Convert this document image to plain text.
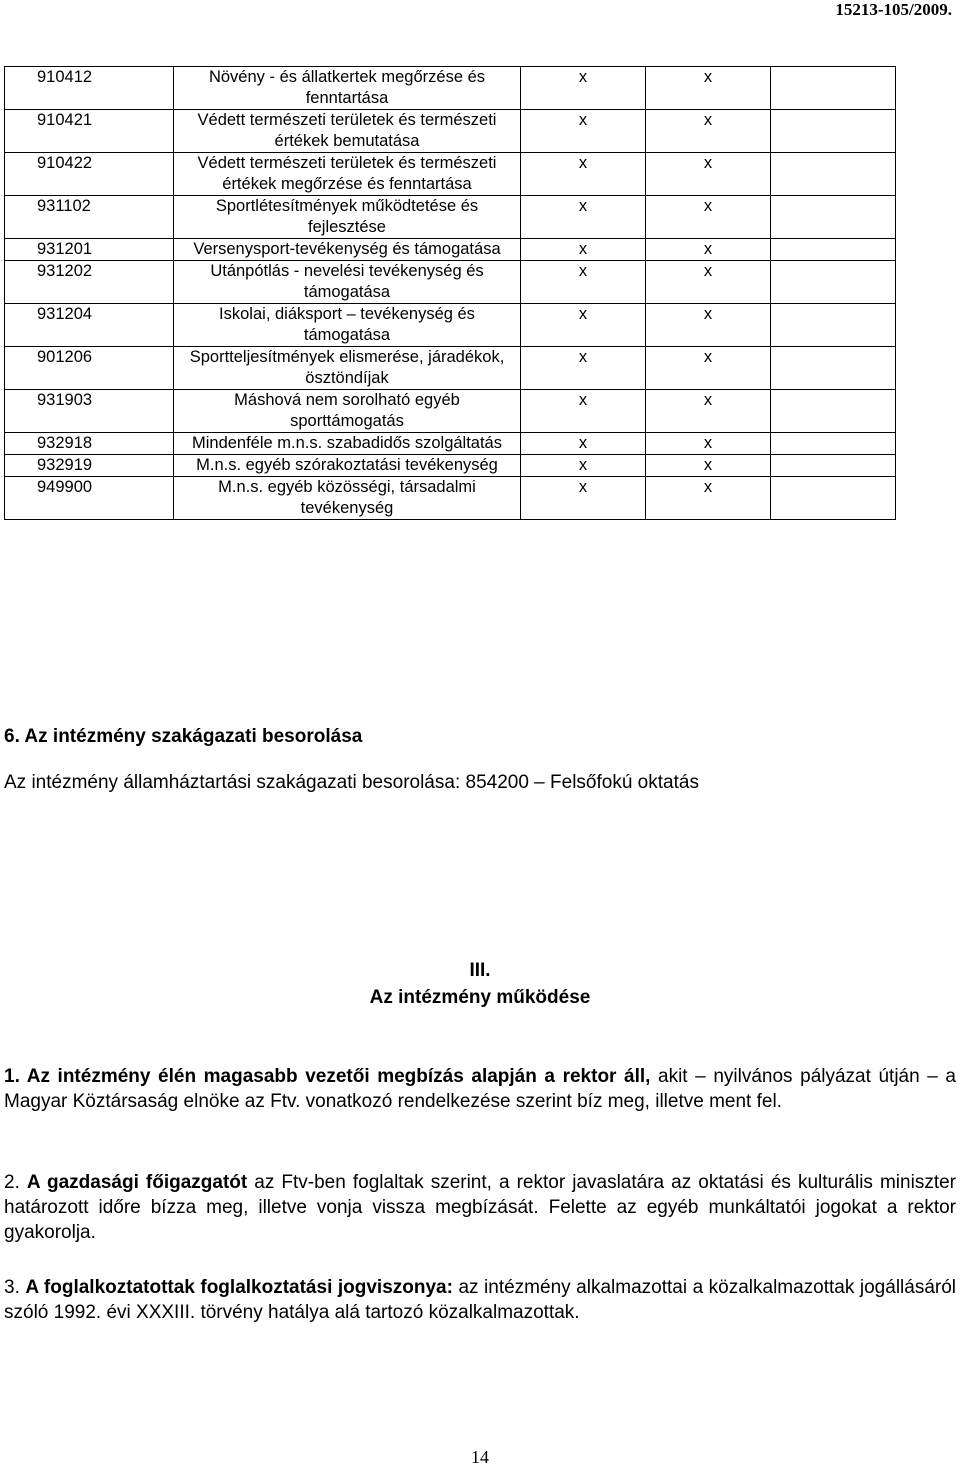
15213-105/2009.
910412	Növény - és állatkertek megőrzése és fenntartása	x	x	
910421	Védett természeti területek és természeti értékek bemutatása	x	x	
910422	Védett természeti területek és természeti értékek megőrzése és fenntartása	x	x	
931102	Sportlétesítmények működtetése és fejlesztése	x	x	
931201	Versenysport-tevékenység és támogatása	x	x	
931202	Utánpótlás - nevelési tevékenység és támogatása	x	x	
931204	Iskolai, diáksport – tevékenység és támogatása	x	x	
901206	Sportteljesítmények elismerése, járadékok, ösztöndíjak	x	x	
931903	Máshová nem sorolható egyéb sporttámogatás	x	x	
932918	Mindenféle m.n.s. szabadidős szolgáltatás	x	x	
932919	M.n.s. egyéb szórakoztatási tevékenység	x	x	
949900	M.n.s. egyéb közösségi, társadalmi tevékenység	x	x	
6. Az intézmény szakágazati besorolása
Az intézmény államháztartási szakágazati besorolása: 854200 – Felsőfokú oktatás
III.
Az intézmény működése
1. Az intézmény élén magasabb vezetői megbízás alapján a rektor áll, akit – nyilvános pályázat útján – a Magyar Köztársaság elnöke az Ftv. vonatkozó rendelkezése szerint bíz meg, illetve ment fel.
2. A gazdasági főigazgatót az Ftv-ben foglaltak szerint, a rektor javaslatára az oktatási és kulturális miniszter határozott időre bízza meg, illetve vonja vissza megbízását. Felette az egyéb munkáltatói jogokat a rektor gyakorolja.
3. A foglalkoztatottak foglalkoztatási jogviszonya: az intézmény alkalmazottai a közalkalmazottak jogállásáról szóló 1992. évi XXXIII. törvény hatálya alá tartozó közalkalmazottak.
14
